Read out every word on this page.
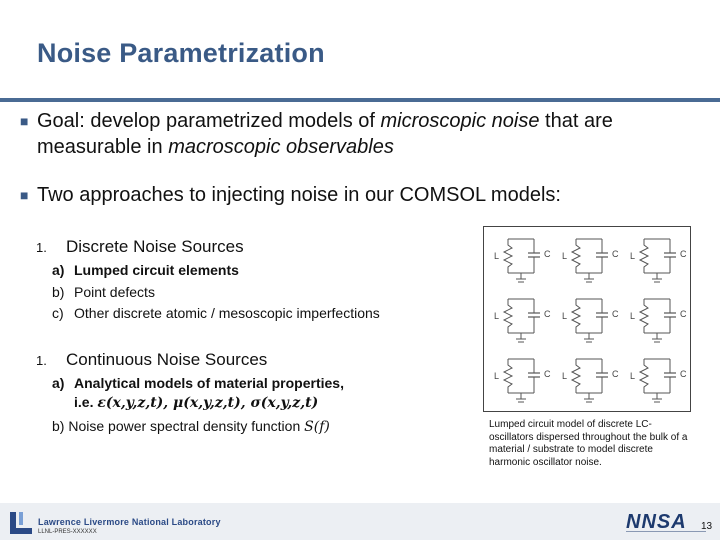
Noise Parametrization
■ Goal: develop parametrized models of microscopic noise that are
measurable in macroscopic observables
■ Two approaches to injecting noise in our COMSOL models:
1. Discrete Noise Sources
a) Lumped circuit elements
b) Point defects
c) Other discrete atomic / mesoscopic imperfections
1. Continuous Noise Sources
a) Analytical models of material properties,
i.e. ε(x,y,z,t), μ(x,y,z,t), σ(x,y,z,t)
b) Noise power spectral density function S(f)
L	C L	C L	C
L	C L	C L	C
L	C L	C L	C
Lumped circuit model of discrete LC-oscillators dispersed throughout the bulk of a material / substrate to model discrete harmonic oscillator noise.
Lawrence Livermore National Laboratory
LLNL-PRES-XXXXXX	NNSA 13
